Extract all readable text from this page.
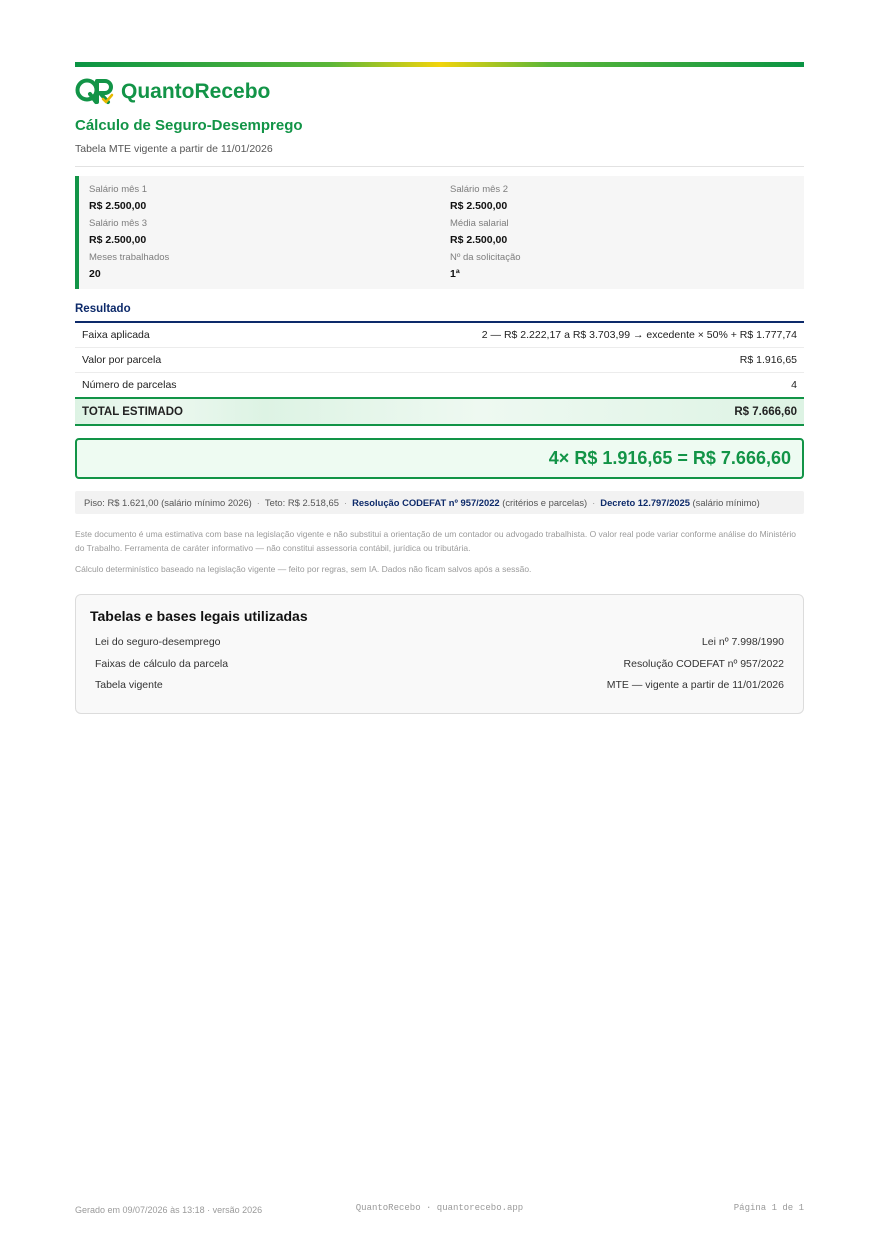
QuantoRecebo
Cálculo de Seguro-Desemprego
Tabela MTE vigente a partir de 11/01/2026
Salário mês 1
R$ 2.500,00
Salário mês 2
R$ 2.500,00
Salário mês 3
R$ 2.500,00
Média salarial
R$ 2.500,00
Meses trabalhados
20
Nº da solicitação
1ª
Resultado
Faixa aplicada	2 — R$ 2.222,17 a R$ 3.703,99 → excedente × 50% + R$ 1.777,74
Valor por parcela	R$ 1.916,65
Número de parcelas	4
TOTAL ESTIMADO	R$ 7.666,60
4× R$ 1.916,65 = R$ 7.666,60
Piso: R$ 1.621,00 (salário mínimo 2026) · Teto: R$ 2.518,65 · Resolução CODEFAT nº 957/2022 (critérios e parcelas) · Decreto 12.797/2025 (salário mínimo)
Este documento é uma estimativa com base na legislação vigente e não substitui a orientação de um contador ou advogado trabalhista. O valor real pode variar conforme análise do Ministério do Trabalho. Ferramenta de caráter informativo — não constitui assessoria contábil, jurídica ou tributária.
Cálculo determinístico baseado na legislação vigente — feito por regras, sem IA. Dados não ficam salvos após a sessão.
Tabelas e bases legais utilizadas
Lei do seguro-desemprego	Lei nº 7.998/1990
Faixas de cálculo da parcela	Resolução CODEFAT nº 957/2022
Tabela vigente	MTE — vigente a partir de 11/01/2026
Gerado em 09/07/2026 às 13:18 · versão 2026	QuantoRecebo · quantorecebo.app	Página 1 de 1
